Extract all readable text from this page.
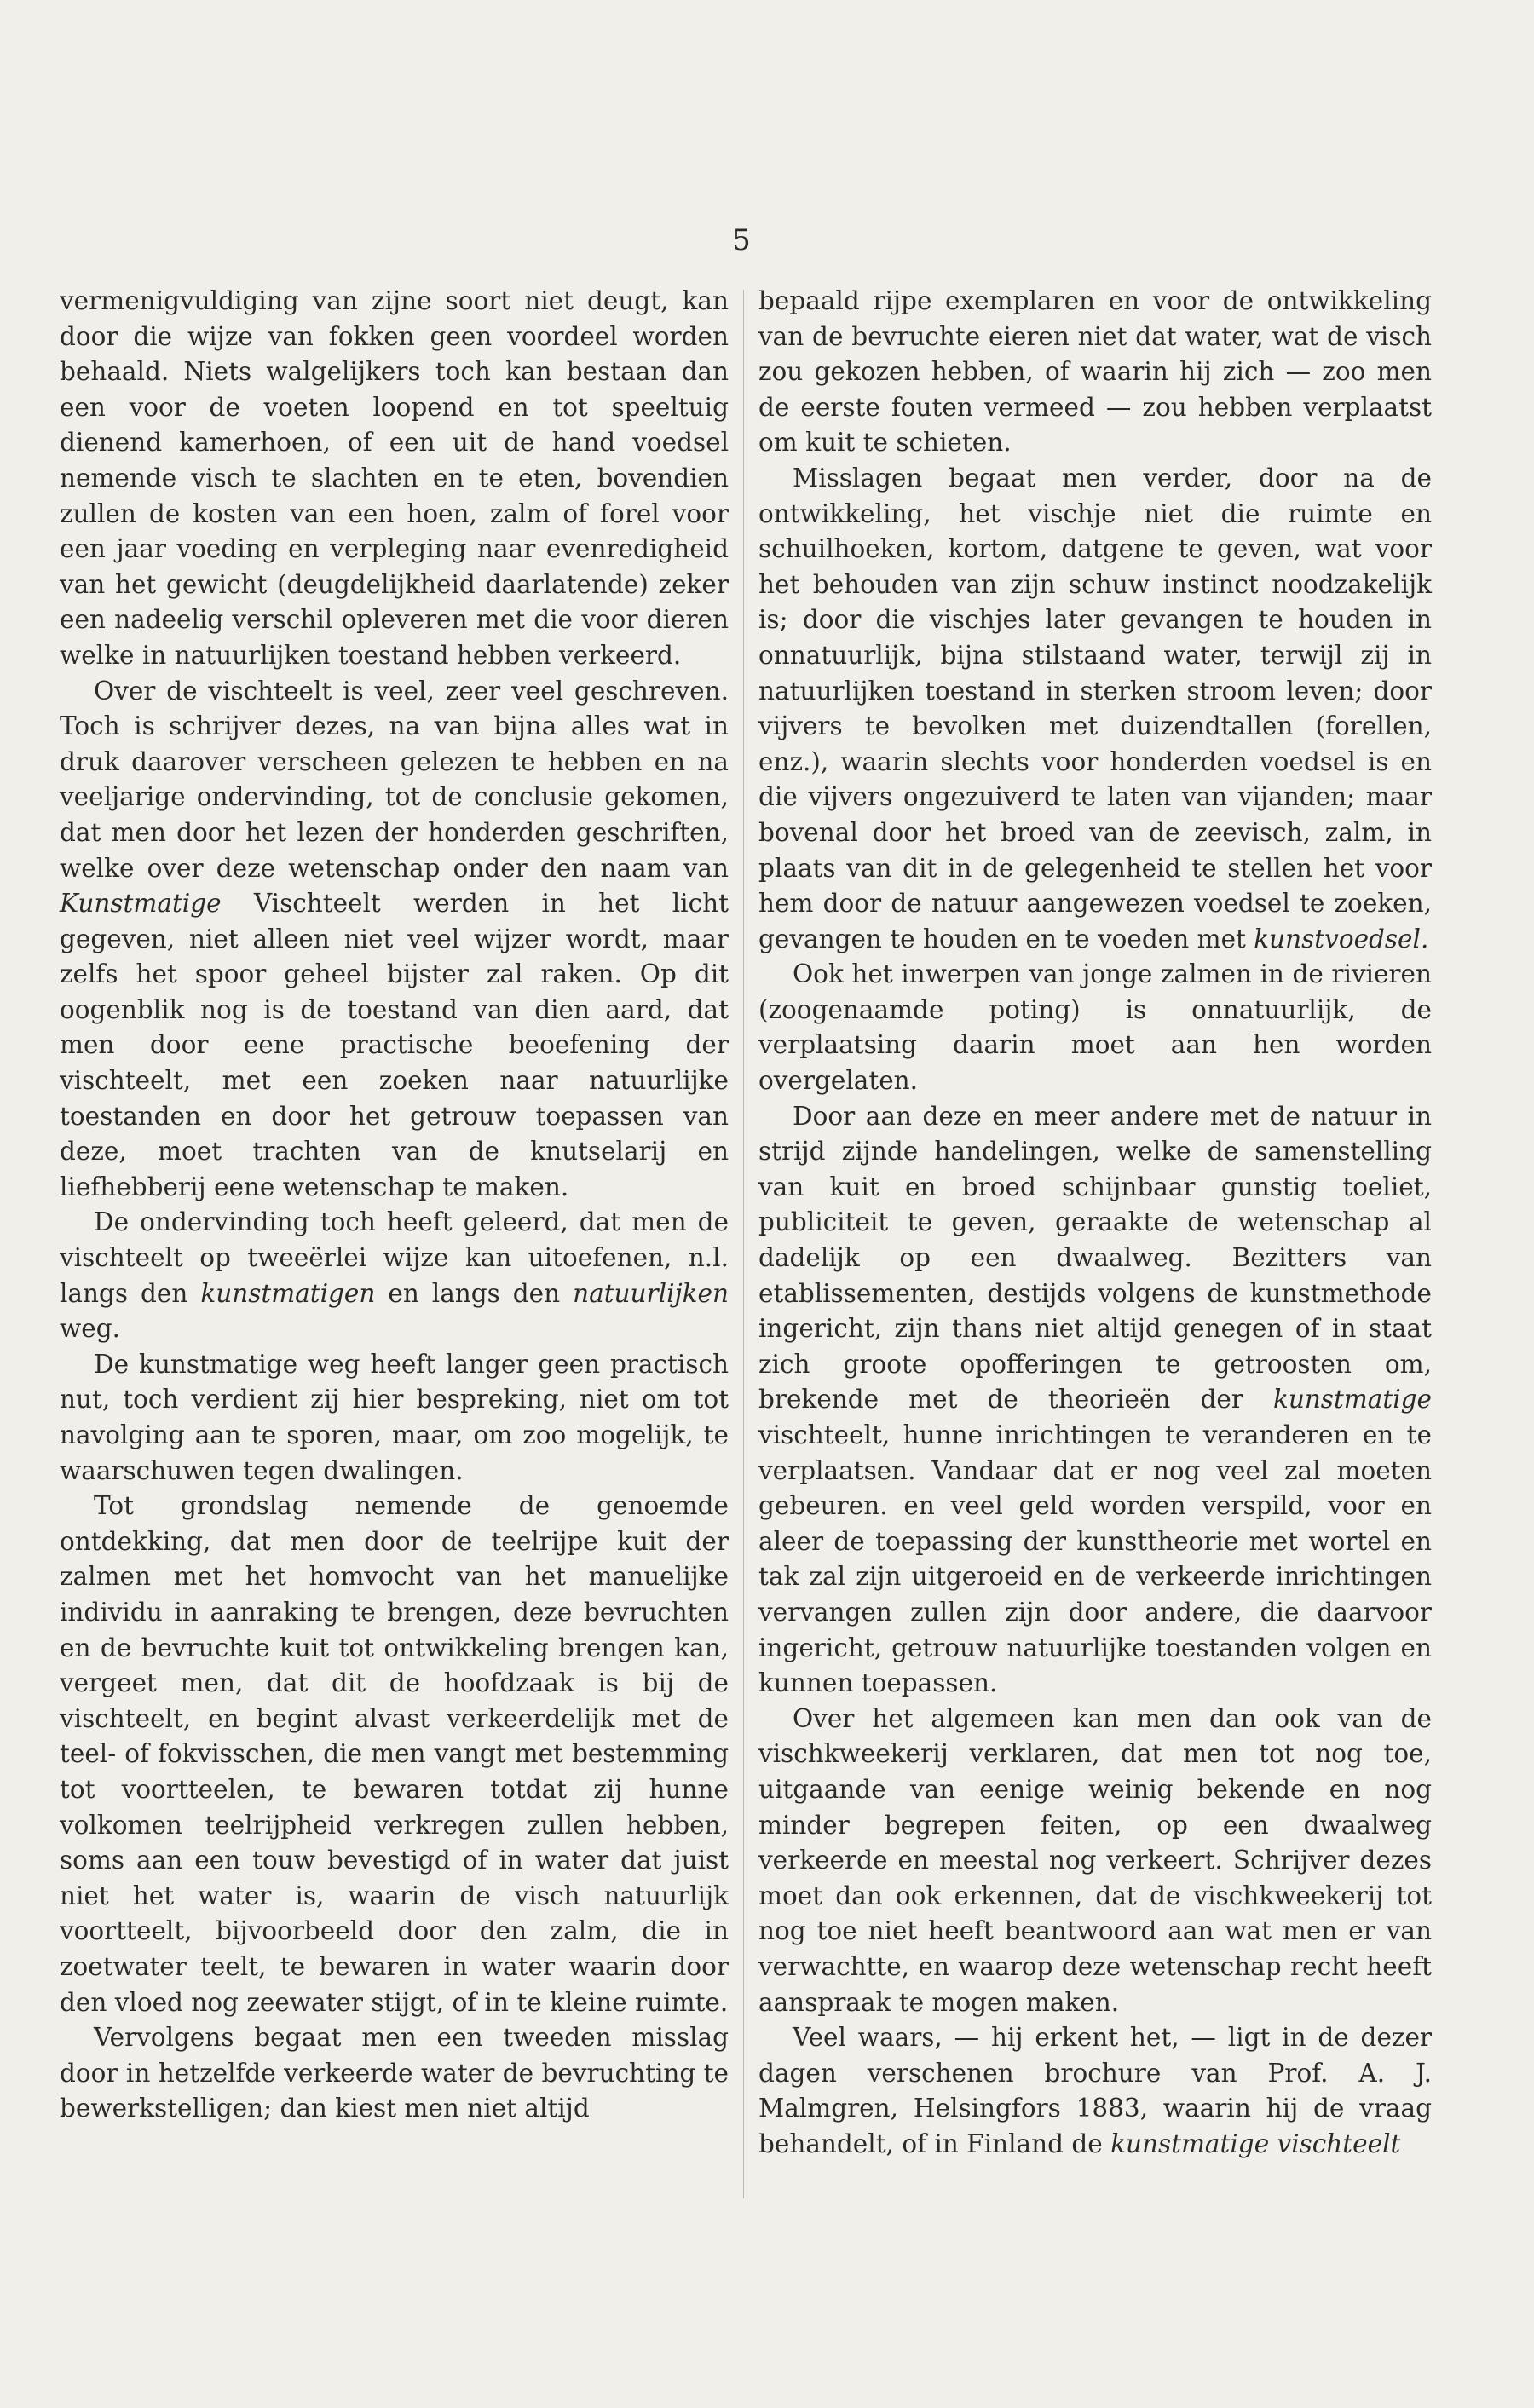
5

vermenigvuldiging van zijne soort niet deugt, kan door die wijze van fokken geen voordeel worden behaald. Niets walgelijkers toch kan bestaan dan een voor de voeten loopend en tot speeltuig dienend kamerhoen, of een uit de hand voedsel nemende visch te slachten en te eten, bovendien zullen de kosten van een hoen, zalm of forel voor een jaar voeding en verpleging naar evenredigheid van het gewicht (deugdelijkheid daarlatende) zeker een nadeelig verschil opleveren met die voor dieren welke in natuurlijken toestand hebben verkeerd.

Over de vischteelt is veel, zeer veel geschreven. Toch is schrijver dezes, na van bijna alles wat in druk daarover verscheen gelezen te hebben en na veeljarige ondervinding, tot de conclusie gekomen, dat men door het lezen der honderden geschriften, welke over deze wetenschap onder den naam van Kunstmatige Vischteelt werden in het licht gegeven, niet alleen niet veel wijzer wordt, maar zelfs het spoor geheel bijster zal raken. Op dit oogenblik nog is de toestand van dien aard, dat men door eene practische beoefening der vischteelt, met een zoeken naar natuurlijke toestanden en door het getrouw toepassen van deze, moet trachten van de knutselarij en liefhebberij eene wetenschap te maken.

De ondervinding toch heeft geleerd, dat men de vischteelt op tweeërlei wijze kan uitoefenen, n.l. langs den kunstmatigen en langs den natuurlijken weg.

De kunstmatige weg heeft langer geen practisch nut, toch verdient zij hier bespreking, niet om tot navolging aan te sporen, maar, om zoo mogelijk, te waarschuwen tegen dwalingen.

Tot grondslag nemende de genoemde ontdekking, dat men door de teelrijpe kuit der zalmen met het homvocht van het manuelijke individu in aanraking te brengen, deze bevruchten en de bevruchte kuit tot ontwikkeling brengen kan, vergeet men, dat dit de hoofdzaak is bij de vischteelt, en begint alvast verkeerdelijk met de teel- of fokvisschen, die men vangt met bestemming tot voortteelen, te bewaren totdat zij hunne volkomen teelrijpheid verkregen zullen hebben, soms aan een touw bevestigd of in water dat juist niet het water is, waarin de visch natuurlijk voortteelt, bijvoorbeeld door den zalm, die in zoetwater teelt, te bewaren in water waarin door den vloed nog zeewater stijgt, of in te kleine ruimte.

Vervolgens begaat men een tweeden misslag door in hetzelfde verkeerde water de bevruchting te bewerkstelligen; dan kiest men niet altijd

bepaald rijpe exemplaren en voor de ontwikkeling van de bevruchte eieren niet dat water, wat de visch zou gekozen hebben, of waarin hij zich — zoo men de eerste fouten vermeed — zou hebben verplaatst om kuit te schieten.

Misslagen begaat men verder, door na de ontwikkeling, het vischje niet die ruimte en schuilhoeken, kortom, datgene te geven, wat voor het behouden van zijn schuw instinct noodzakelijk is; door die vischjes later gevangen te houden in onnatuurlijk, bijna stilstaand water, terwijl zij in natuurlijken toestand in sterken stroom leven; door vijvers te bevolken met duizendtallen (forellen, enz.), waarin slechts voor honderden voedsel is en die vijvers ongezuiverd te laten van vijanden; maar bovenal door het broed van de zeevisch, zalm, in plaats van dit in de gelegenheid te stellen het voor hem door de natuur aangewezen voedsel te zoeken, gevangen te houden en te voeden met kunstvoedsel.

Ook het inwerpen van jonge zalmen in de rivieren (zoogenaamde poting) is onnatuurlijk, de verplaatsing daarin moet aan hen worden overgelaten.

Door aan deze en meer andere met de natuur in strijd zijnde handelingen, welke de samenstelling van kuit en broed schijnbaar gunstig toeliet, publiciteit te geven, geraakte de wetenschap al dadelijk op een dwaalweg. Bezitters van etablissementen, destijds volgens de kunstmethode ingericht, zijn thans niet altijd genegen of in staat zich groote opofferingen te getroosten om, brekende met de theorieën der kunstmatige vischteelt, hunne inrichtingen te veranderen en te verplaatsen. Vandaar dat er nog veel zal moeten gebeuren. en veel geld worden verspild, voor en aleer de toepassing der kunsttheorie met wortel en tak zal zijn uitgeroeid en de verkeerde inrichtingen vervangen zullen zijn door andere, die daarvoor ingericht, getrouw natuurlijke toestanden volgen en kunnen toepassen.

Over het algemeen kan men dan ook van de vischkweekerij verklaren, dat men tot nog toe, uitgaande van eenige weinig bekende en nog minder begrepen feiten, op een dwaalweg verkeerde en meestal nog verkeert. Schrijver dezes moet dan ook erkennen, dat de vischkweekerij tot nog toe niet heeft beantwoord aan wat men er van verwachtte, en waarop deze wetenschap recht heeft aanspraak te mogen maken.

Veel waars, — hij erkent het, — ligt in de dezer dagen verschenen brochure van Prof. A. J. Malmgren, Helsingfors 1883, waarin hij de vraag behandelt, of in Finland de kunstmatige vischteelt
